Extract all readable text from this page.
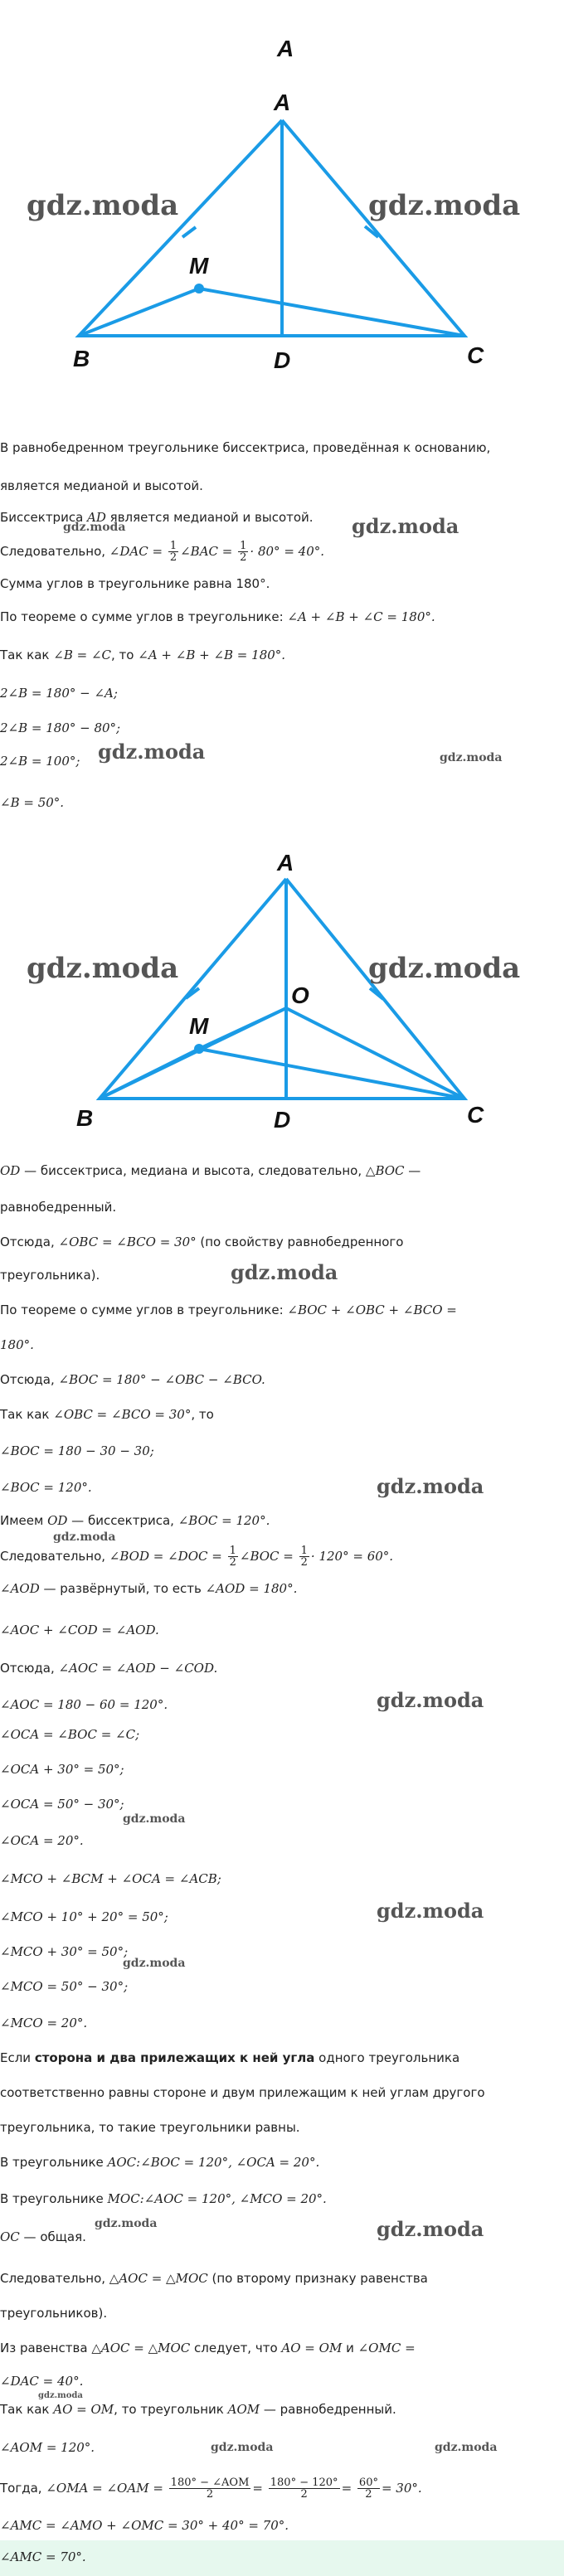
A
A
M
B	D	C
gdz.moda	gdz.moda
В равнобедренном треугольнике биссектриса, проведённая к основанию,
является медианой и высотой.
Биссектриса AD является медианой и высотой.
gdz.moda	gdz.moda
Следовательно, ∠DAC = $\frac{1}{2}$ ∠BAC = $\frac{1}{2} \cdot 80^\circ = 40^\circ$.
Сумма углов в треугольнике равна 180°.
По теореме о сумме углов в треугольнике: ∠A + ∠B + ∠C = 180°.
Так как ∠B = ∠C, то ∠A + ∠B + ∠B = 180°.
2∠B = 180° − ∠A;
2∠B = 180° − 80°;
2∠B = 100°; gdz.moda	gdz.moda
∠B = 50°.
A
O
M
B	D	C
gdz.moda	gdz.moda
OD — биссектриса, медиана и высота, следовательно, △BOC —
равнобедренный.
Отсюда, ∠OBC = ∠BCO = 30° (по свойству равнобедренного
треугольника).	gdz.moda
По теореме о сумме углов в треугольнике: ∠BOC + ∠OBC + ∠BCO =
180°.
Отсюда, ∠BOC = 180° − ∠OBC − ∠BCO.
Так как ∠OBC = ∠BCO = 30°, то
∠BOC = 180 − 30 − 30;
∠BOC = 120°.	gdz.moda
Имеем OD — биссектриса, ∠BOC = 120°.
gdz.moda
Следовательно, ∠BOD = ∠DOC = $\frac{1}{2}$ ∠BOC = $\frac{1}{2} \cdot 120^\circ = 60^\circ$.
∠AOD — развёрнутый, то есть ∠AOD = 180°.
∠AOC + ∠COD = ∠AOD.
Отсюда, ∠AOC = ∠AOD − ∠COD.
∠AOC = 180 − 60 = 120°.	gdz.moda
∠OCA = ∠BOC = ∠C;
∠OCA + 30° = 50°;
∠OCA = 50° − 30°;
gdz.moda
∠OCA = 20°.
∠MCO + ∠BCM + ∠OCA = ∠ACB;
∠MCO + 10° + 20° = 50°;	gdz.moda
∠MCO + 30° = 50°;
gdz.moda
∠MCO = 50° − 30°;
∠MCO = 20°.
Если сторона и два прилежащих к ней угла одного треугольника
соответственно равны стороне и двум прилежащим к ней углам другого
треугольника, то такие треугольники равны.
В треугольнике AOC:∠BOC = 120°, ∠OCA = 20°.
В треугольнике MOC:∠AOC = 120°, ∠MCO = 20°.
gdz.moda	gdz.moda
OC — общая.
Следовательно, △AOC = △MOC (по второму признаку равенства
треугольников).
Из равенства △AOC = △MOC следует, что AO = OM и ∠OMC =
∠DAC = 40°.
gdz.moda
Так как AO = OM, то треугольник AOM — равнобедренный.
∠AOM = 120°.	gdz.moda	gdz.moda
Тогда, ∠OMA = ∠OAM = $\frac{\text{180° − ∠AOM}}{2} = \frac{180^\circ - 120^\circ}{2} = \frac{60^\circ}{2} = 30^\circ$.
∠AMC = ∠AMO + ∠OMC = 30° + 40° = 70°.
∠AMC = 70°.
